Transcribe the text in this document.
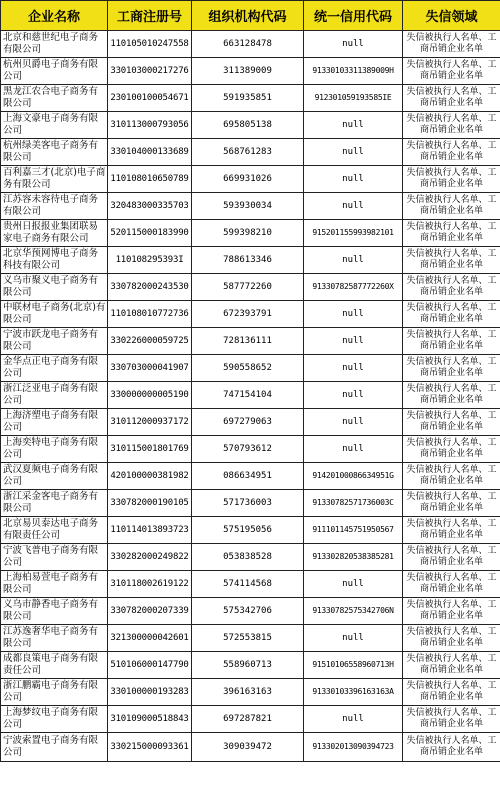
企业名称	工商注册号	组织机构代码	统一信用代码	失信领域
北京和慈世纪电子商务有限公司	110105010247558	663128478	null	失信被执行人名单、工商吊销企业名单
杭州贝爵电子商务有限公司	330103000217276	311389009	91330103311389009H	失信被执行人名单、工商吊销企业名单
黑龙江农合电子商务有限公司	230100100054671	591935851	912301059193585IE	失信被执行人名单、工商吊销企业名单
上海文豪电子商务有限公司	310113000793056	695805138	null	失信被执行人名单、工商吊销企业名单
杭州绿美客电子商务有限公司	330104000133689	568761283	null	失信被执行人名单、工商吊销企业名单
百利嘉三才(北京)电子商务有限公司	110108010650789	669931026	null	失信被执行人名单、工商吊销企业名单
江苏容未容待电子商务有限公司	320483000335703	593930034	null	失信被执行人名单、工商吊销企业名单
贵州日报报业集团联易家电子商务有限公司	520115000183990	599398210	915201155993982101	失信被执行人名单、工商吊销企业名单
北京华预网博电子商务科技有限公司	110108295393I	788613346	null	失信被执行人名单、工商吊销企业名单
义乌市聚义电子商务有限公司	330782000243530	587772260	91330782587772260X	失信被执行人名单、工商吊销企业名单
中联材电子商务(北京)有限公司	110108010772736	672393791	null	失信被执行人名单、工商吊销企业名单
宁波市跃龙电子商务有限公司	330226000059725	728136111	null	失信被执行人名单、工商吊销企业名单
金华点正电子商务有限公司	330703000041907	590558652	null	失信被执行人名单、工商吊销企业名单
浙江泛亚电子商务有限公司	330000000005190	747154104	null	失信被执行人名单、工商吊销企业名单
上海济塑电子商务有限公司	310112000937172	697279063	null	失信被执行人名单、工商吊销企业名单
上海奕特电子商务有限公司	310115001801769	570793612	null	失信被执行人名单、工商吊销企业名单
武汉夏频电子商务有限公司	420100000381982	086634951	91420100086634951G	失信被执行人名单、工商吊销企业名单
浙江采金客电子商务有限公司	330782000190105	571736003	91330782571736003C	失信被执行人名单、工商吊销企业名单
北京易贝泰达电子商务有限责任公司	110114013893723	575195056	911101145751950567	失信被执行人名单、工商吊销企业名单
宁波飞普电子商务有限公司	330282000249822	053838528	913302820538385281	失信被执行人名单、工商吊销企业名单
上海柏易萱电子商务有限公司	310118002619122	574114568	null	失信被执行人名单、工商吊销企业名单
义乌市静香电子商务有限公司	330782000207339	575342706	91330782575342706N	失信被执行人名单、工商吊销企业名单
江苏逸奢华电子商务有限公司	321300000042601	572553815	null	失信被执行人名单、工商吊销企业名单
成都良策电子商务有限责任公司	510106000147790	558960713	91510106558960713H	失信被执行人名单、工商吊销企业名单
浙江鹏霸电子商务有限公司	330100000193283	396163163	91330103396163163A	失信被执行人名单、工商吊销企业名单
上海梦纹电子商务有限公司	310109000518843	697287821	null	失信被执行人名单、工商吊销企业名单
宁波索置电子商务有限公司	330215000093361	309039472	913302013090394723	失信被执行人名单、工商吊销企业名单
